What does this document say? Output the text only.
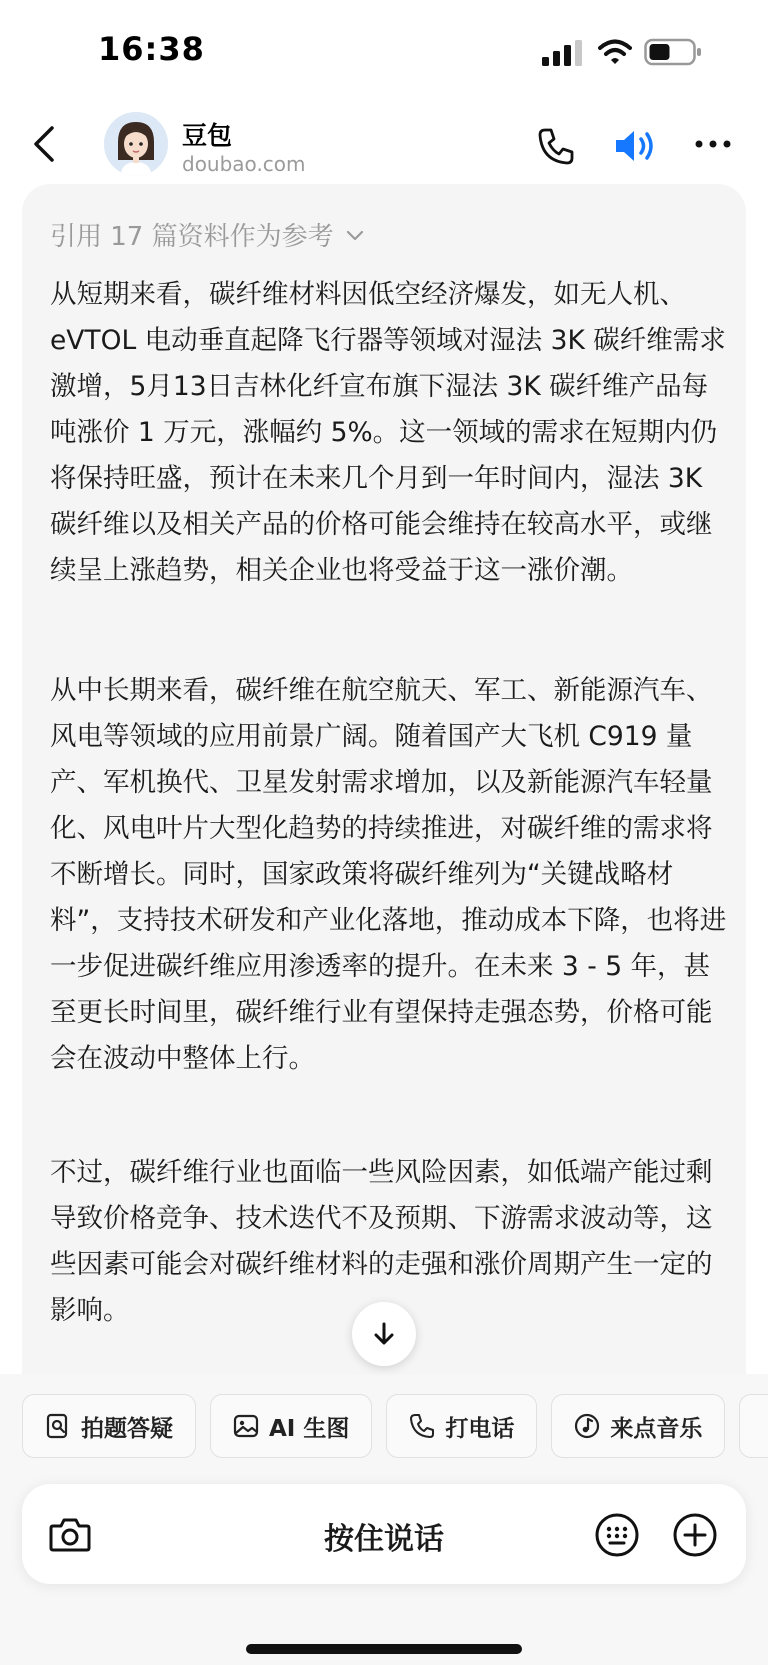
16:38
豆包
doubao.com
引用 17 篇资料作为参考

从短期来看，碳纤维材料因低空经济爆发，如无人机、eVTOL 电动垂直起降飞行器等领域对湿法 3K 碳纤维需求激增，5月13日吉林化纤宣布旗下湿法 3K 碳纤维产品每吨涨价 1 万元，涨幅约 5%。这一领域的需求在短期内仍将保持旺盛，预计在未来几个月到一年时间内，湿法 3K 碳纤维以及相关产品的价格可能会维持在较高水平，或继续呈上涨趋势，相关企业也将受益于这一涨价潮。

从中长期来看，碳纤维在航空航天、军工、新能源汽车、风电等领域的应用前景广阔。随着国产大飞机 C919 量产、军机换代、卫星发射需求增加，以及新能源汽车轻量化、风电叶片大型化趋势的持续推进，对碳纤维的需求将不断增长。同时，国家政策将碳纤维列为“关键战略材料”，支持技术研发和产业化落地，推动成本下降，也将进一步促进碳纤维应用渗透率的提升。在未来 3 - 5 年，甚至更长时间里，碳纤维行业有望保持走强态势，价格可能会在波动中整体上行。

不过，碳纤维行业也面临一些风险因素，如低端产能过剩导致价格竞争、技术迭代不及预期、下游需求波动等，这些因素可能会对碳纤维材料的走强和涨价周期产生一定的影响。

拍题答疑	AI 生图	打电话	来点音乐
按住说话
